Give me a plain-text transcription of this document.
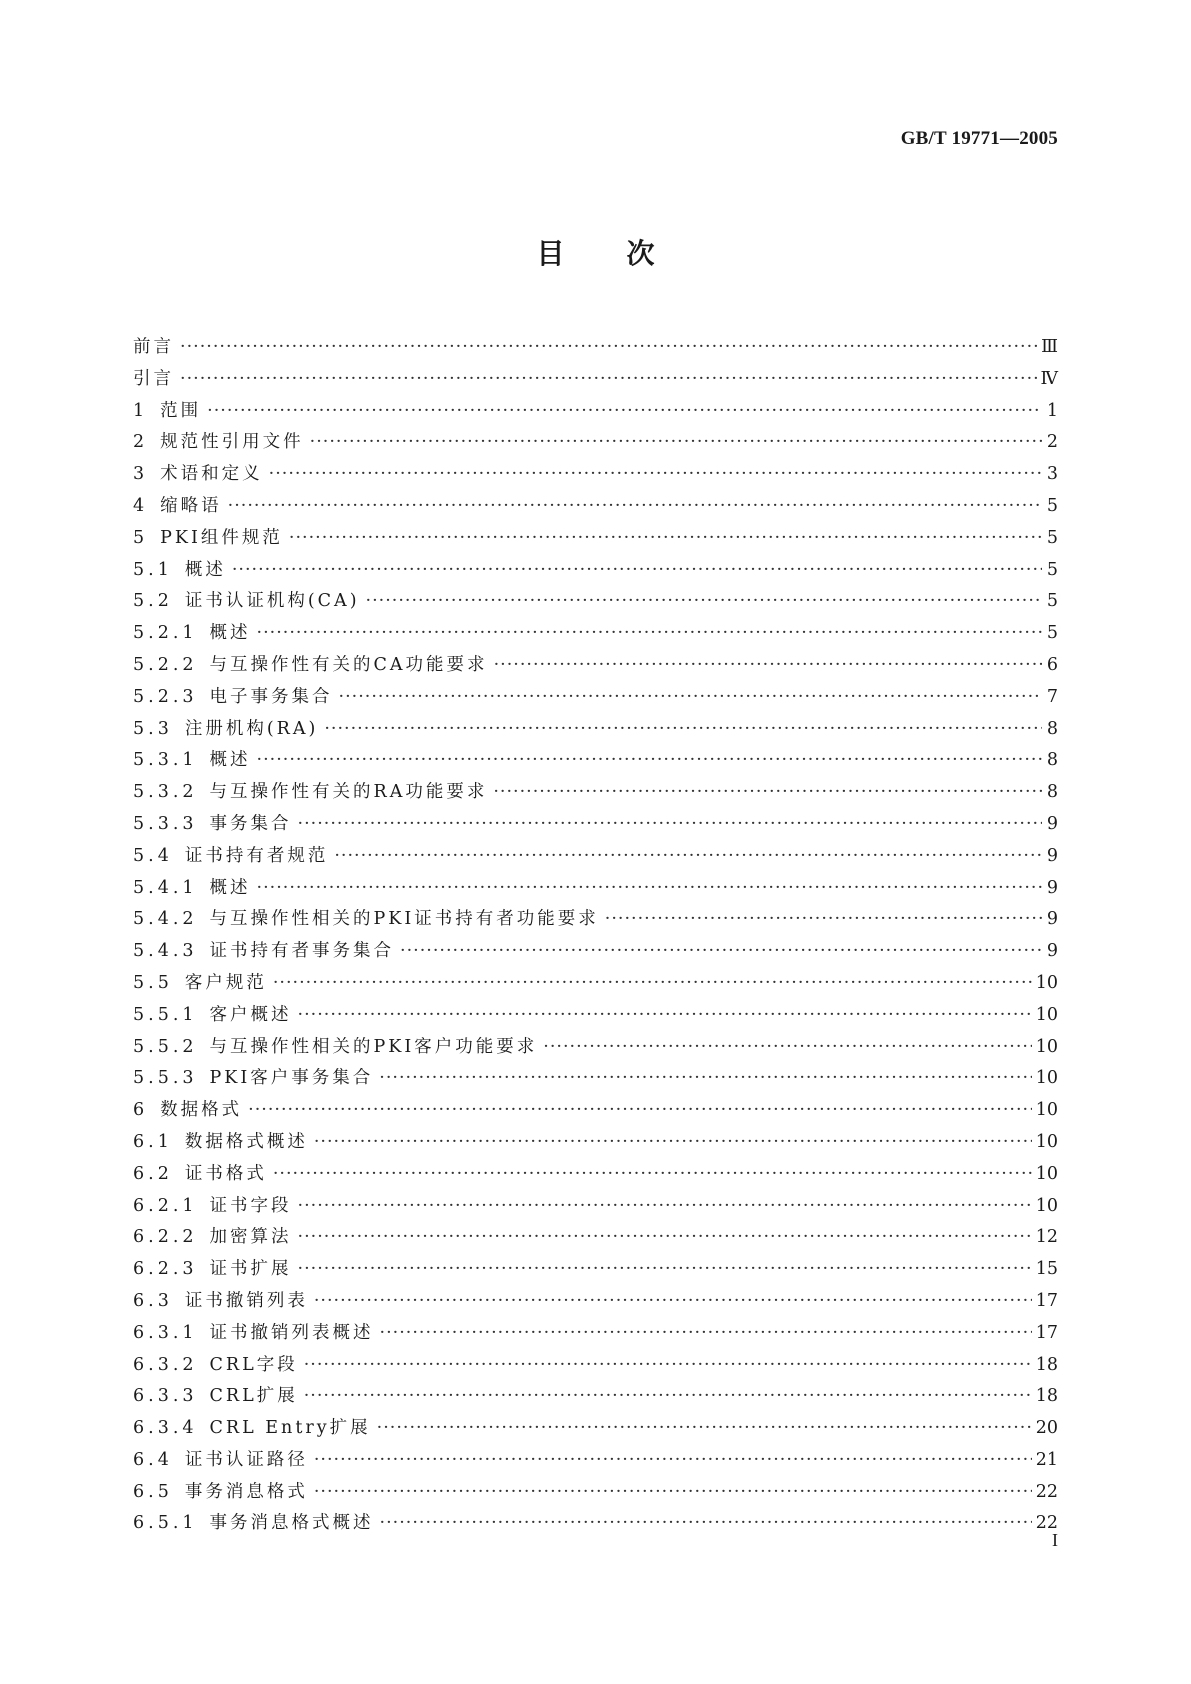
GB/T 19771—2005
目次
前言 ·····	Ⅲ
引言 ·····	Ⅳ
1 范围 ·····	1
2 规范性引用文件 ·····	2
3 术语和定义 ·····	3
4 缩略语 ·····	5
5 PKI组件规范 ·····	5
5.1 概述 ·····	5
5.2 证书认证机构(CA) ·····	5
5.2.1 概述 ·····	5
5.2.2 与互操作性有关的CA功能要求 ·····	6
5.2.3 电子事务集合 ·····	7
5.3 注册机构(RA) ·····	8
5.3.1 概述 ·····	8
5.3.2 与互操作性有关的RA功能要求 ·····	8
5.3.3 事务集合 ·····	9
5.4 证书持有者规范 ·····	9
5.4.1 概述 ·····	9
5.4.2 与互操作性相关的PKI证书持有者功能要求 ·····	9
5.4.3 证书持有者事务集合 ·····	9
5.5 客户规范 ·····	10
5.5.1 客户概述 ·····	10
5.5.2 与互操作性相关的PKI客户功能要求 ·····	10
5.5.3 PKI客户事务集合 ·····	10
6 数据格式 ·····	10
6.1 数据格式概述 ·····	10
6.2 证书格式 ·····	10
6.2.1 证书字段 ·····	10
6.2.2 加密算法 ·····	12
6.2.3 证书扩展 ·····	15
6.3 证书撤销列表 ·····	17
6.3.1 证书撤销列表概述 ·····	17
6.3.2 CRL字段 ·····	18
6.3.3 CRL扩展 ·····	18
6.3.4 CRL Entry扩展 ·····	20
6.4 证书认证路径 ·····	21
6.5 事务消息格式 ·····	22
6.5.1 事务消息格式概述 ·····	22
I
